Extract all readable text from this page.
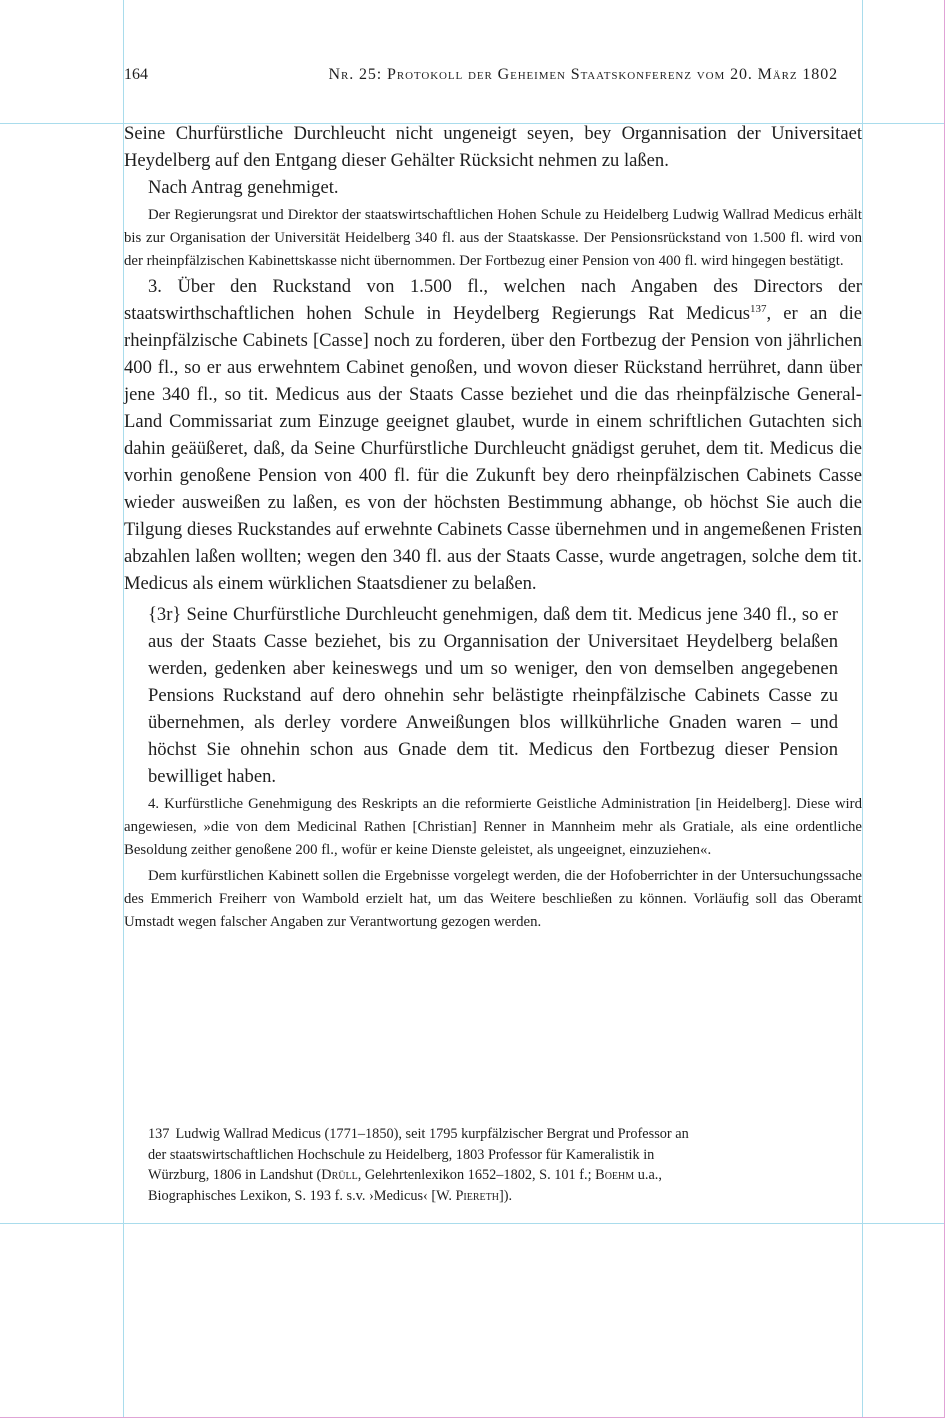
164	Nr. 25: Protokoll der Geheimen Staatskonferenz vom 20. März 1802

Seine Churfürstliche Durchleucht nicht ungeneigt seyen, bey Organnisation der Universitaet Heydelberg auf den Entgang dieser Gehälter Rücksicht nehmen zu laßen.

Nach Antrag genehmiget.

Der Regierungsrat und Direktor der staatswirtschaftlichen Hohen Schule zu Heidelberg Ludwig Wallrad Medicus erhält bis zur Organisation der Universität Heidelberg 340 fl. aus der Staatskasse. Der Pensionsrückstand von 1.500 fl. wird von der rheinpfälzischen Kabinettskasse nicht übernommen. Der Fortbezug einer Pension von 400 fl. wird hingegen bestätigt.

3. Über den Ruckstand von 1.500 fl., welchen nach Angaben des Directors der staatswirthschaftlichen hohen Schule in Heydelberg Regierungs Rat Medicus$^{137}$, er an die rheinpfälzische Cabinets [Casse] noch zu forderen, über den Fortbezug der Pension von jährlichen 400 fl., so er aus erwehntem Cabinet genoßen, und wovon dieser Rückstand herrühret, dann über jene 340 fl., so tit. Medicus aus der Staats Casse beziehet und die das rheinpfälzische General-Land Commissariat zum Einzuge geeignet glaubet, wurde in einem schriftlichen Gutachten sich dahin geäüßeret, daß, da Seine Churfürstliche Durchleucht gnädigst geruhet, dem tit. Medicus die vorhin genoßene Pension von 400 fl. für die Zukunft bey dero rheinpfälzischen Cabinets Casse wieder ausweißen zu laßen, es von der höchsten Bestimmung abhange, ob höchst Sie auch die Tilgung dieses Ruckstandes auf erwehnte Cabinets Casse übernehmen und in angemeßenen Fristen abzahlen laßen wollten; wegen den 340 fl. aus der Staats Casse, wurde angetragen, solche dem tit. Medicus als einem würklichen Staatsdiener zu belaßen.

{3r} Seine Churfürstliche Durchleucht genehmigen, daß dem tit. Medicus jene 340 fl., so er aus der Staats Casse beziehet, bis zu Organnisation der Universitaet Heydelberg belaßen werden, gedenken aber keineswegs und um so weniger, den von demselben angegebenen Pensions Ruckstand auf dero ohnehin sehr belästigte rheinpfälzische Cabinets Casse zu übernehmen, als derley vordere Anweißungen blos willkührliche Gnaden waren – und höchst Sie ohnehin schon aus Gnade dem tit. Medicus den Fortbezug dieser Pension bewilliget haben.

4. Kurfürstliche Genehmigung des Reskripts an die reformierte Geistliche Administration [in Heidelberg]. Diese wird angewiesen, »die von dem Medicinal Rathen [Christian] Renner in Mannheim mehr als Gratiale, als eine ordentliche Besoldung zeither genoßene 200 fl., wofür er keine Dienste geleistet, als ungeeignet, einzuziehen«.

Dem kurfürstlichen Kabinett sollen die Ergebnisse vorgelegt werden, die der Hofoberrichter in der Untersuchungssache des Emmerich Freiherr von Wambold erzielt hat, um das Weitere beschließen zu können. Vorläufig soll das Oberamt Umstadt wegen falscher Angaben zur Verantwortung gezogen werden.

137 Ludwig Wallrad Medicus (1771–1850), seit 1795 kurpfälzischer Bergrat und Professor an der staatswirtschaftlichen Hochschule zu Heidelberg, 1803 Professor für Kameralistik in Würzburg, 1806 in Landshut (Drüll, Gelehrtenlexikon 1652–1802, S. 101 f.; Boehm u.a., Biographisches Lexikon, S. 193 f. s.v. ›Medicus‹ [W. Piereth]).
